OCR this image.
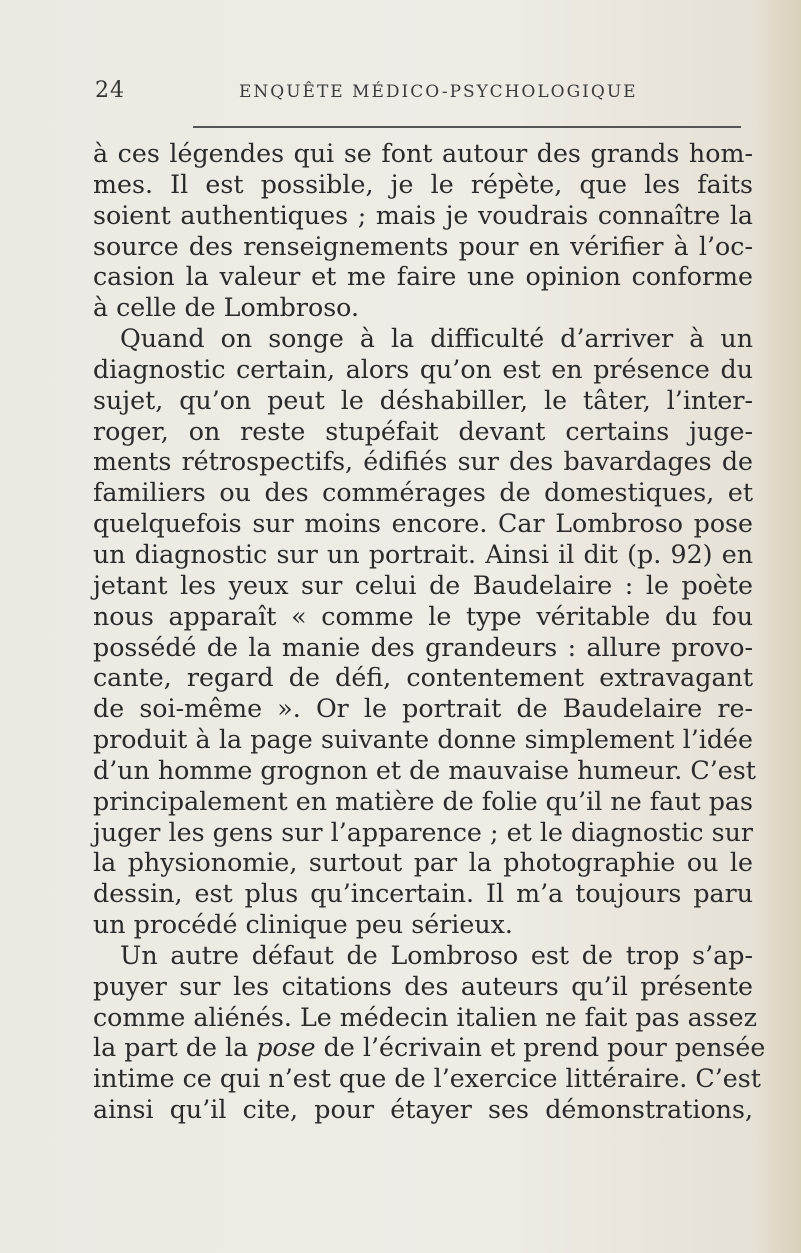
24	ENQUÊTE MÉDICO-PSYCHOLOGIQUE
à ces légendes qui se font autour des grands hom-
mes. Il est possible, je le répète, que les faits
soient authentiques ; mais je voudrais connaître la
source des renseignements pour en vérifier à l’oc-
casion la valeur et me faire une opinion conforme
à celle de Lombroso.
Quand on songe à la difficulté d’arriver à un
diagnostic certain, alors qu’on est en présence du
sujet, qu’on peut le déshabiller, le tâter, l’inter-
roger, on reste stupéfait devant certains juge-
ments rétrospectifs, édifiés sur des bavardages de
familiers ou des commérages de domestiques, et
quelquefois sur moins encore. Car Lombroso pose
un diagnostic sur un portrait. Ainsi il dit (p. 92) en
jetant les yeux sur celui de Baudelaire : le poète
nous apparaît « comme le type véritable du fou
possédé de la manie des grandeurs : allure provo-
cante, regard de défi, contentement extravagant
de soi-même ». Or le portrait de Baudelaire re-
produit à la page suivante donne simplement l’idée
d’un homme grognon et de mauvaise humeur. C’est
principalement en matière de folie qu’il ne faut pas
juger les gens sur l’apparence ; et le diagnostic sur
la physionomie, surtout par la photographie ou le
dessin, est plus qu’incertain. Il m’a toujours paru
un procédé clinique peu sérieux.
Un autre défaut de Lombroso est de trop s’ap-
puyer sur les citations des auteurs qu’il présente
comme aliénés. Le médecin italien ne fait pas assez
la part de la pose de l’écrivain et prend pour pensée
intime ce qui n’est que de l’exercice littéraire. C’est
ainsi qu’il cite, pour étayer ses démonstrations,
